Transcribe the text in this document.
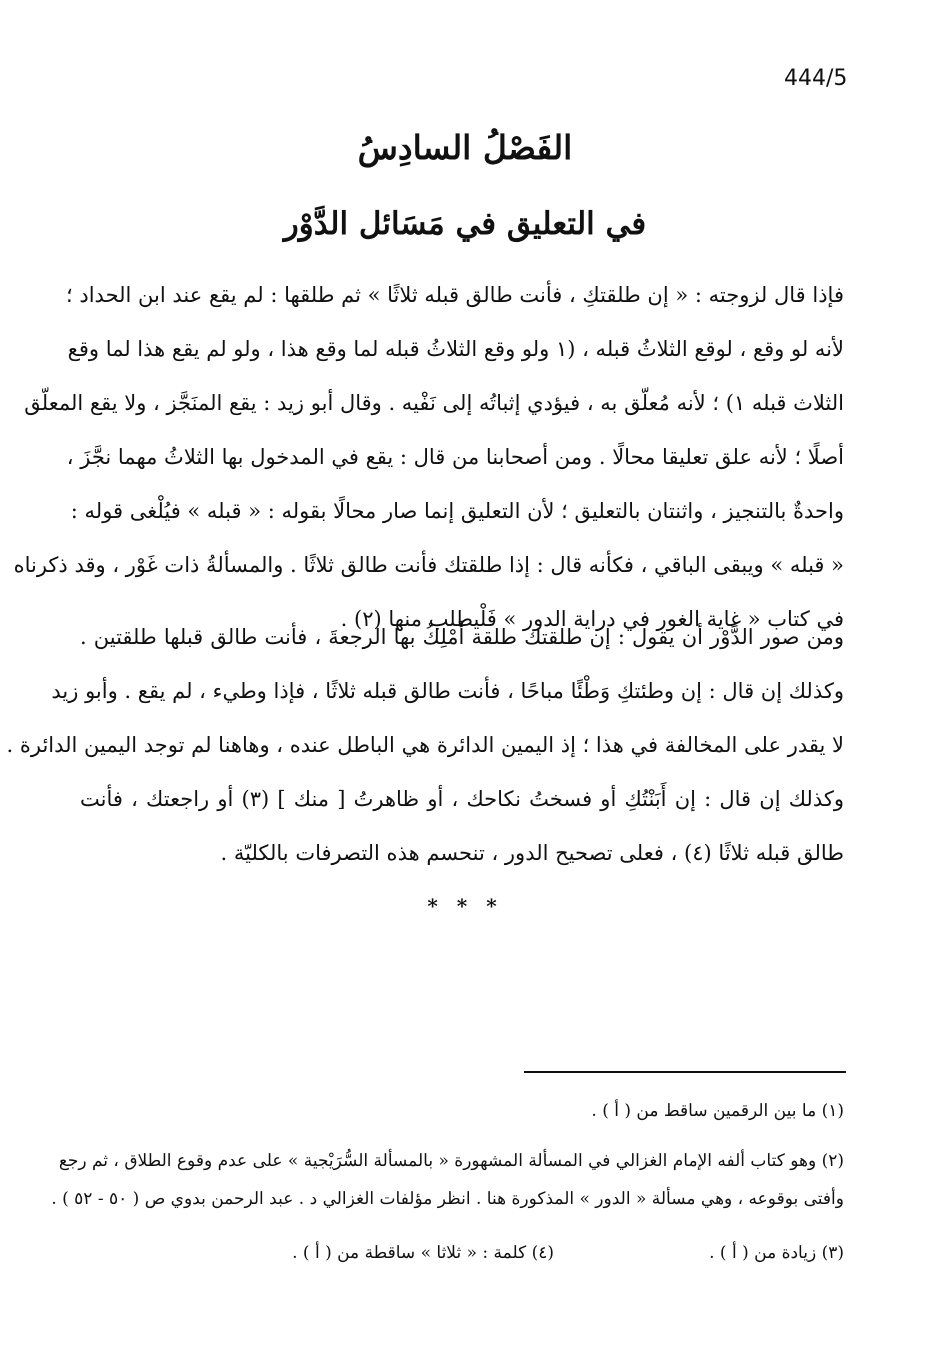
444/5
الفَصْلُ السادِسُ
في التعليق في مَسَائل الدَّوْر
فإذا قال لزوجته : « إن طلقتكِ ، فأنت طالق قبله ثلاثًا » ثم طلقها : لم يقع عند ابن الحداد ؛
لأنه لو وقع ، لوقع الثلاثُ قبله ، (١ ولو وقع الثلاثُ قبله لما وقع هذا ، ولو لم يقع هذا لما وقع
الثلاث قبله ١) ؛ لأنه مُعلّق به ، فيؤدي إثباتُه إلى نَفْيه . وقال أبو زيد : يقع المنَجَّز ، ولا يقع المعلّق
أصلًا ؛ لأنه علق تعليقا محالًا . ومن أصحابنا من قال : يقع في المدخول بها الثلاثُ مهما نجَّزَ ،
واحدةٌ بالتنجيز ، واثنتان بالتعليق ؛ لأن التعليق إنما صار محالًا بقوله : « قبله » فيُلْغى قوله :
« قبله » ويبقى الباقي ، فكأنه قال : إذا طلقتك فأنت طالق ثلاثًا . والمسألةُ ذات غَوْر ، وقد ذكرناه
في كتاب « غاية الغور في دراية الدور » فَلْيطلب منها (٢) .
ومن صور الدَّوْر أن يقول : إن طلقتك طلقة أَمْلِكُ بها الرجعةَ ، فأنت طالق قبلها طلقتين .
وكذلك إن قال : إن وطئتكِ وَطْئًا مباحًا ، فأنت طالق قبله ثلاثًا ، فإذا وطيء ، لم يقع . وأبو زيد
لا يقدر على المخالفة في هذا ؛ إذ اليمين الدائرة هي الباطل عنده ، وهاهنا لم توجد اليمين الدائرة .
وكذلك إن قال : إن أَبَنْتُكِ أو فسختُ نكاحك ، أو ظاهرتُ [ منك ] (٣) أو راجعتك ، فأنت
طالق قبله ثلاثًا (٤) ، فعلى تصحيح الدور ، تنحسم هذه التصرفات بالكليّة .
* * *
(١) ما بين الرقمين ساقط من ( أ ) .
(٢) وهو كتاب ألفه الإمام الغزالي في المسألة المشهورة « بالمسألة السُّرَيْجية » على عدم وقوع الطلاق ، ثم رجع
وأفتى بوقوعه ، وهي مسألة « الدور » المذكورة هنا . انظر مؤلفات الغزالي د . عبد الرحمن بدوي ص ( ٥٠ - ٥٢ ) .
(٣) زيادة من ( أ ) .
(٤) كلمة : « ثلاثا » ساقطة من ( أ ) .
